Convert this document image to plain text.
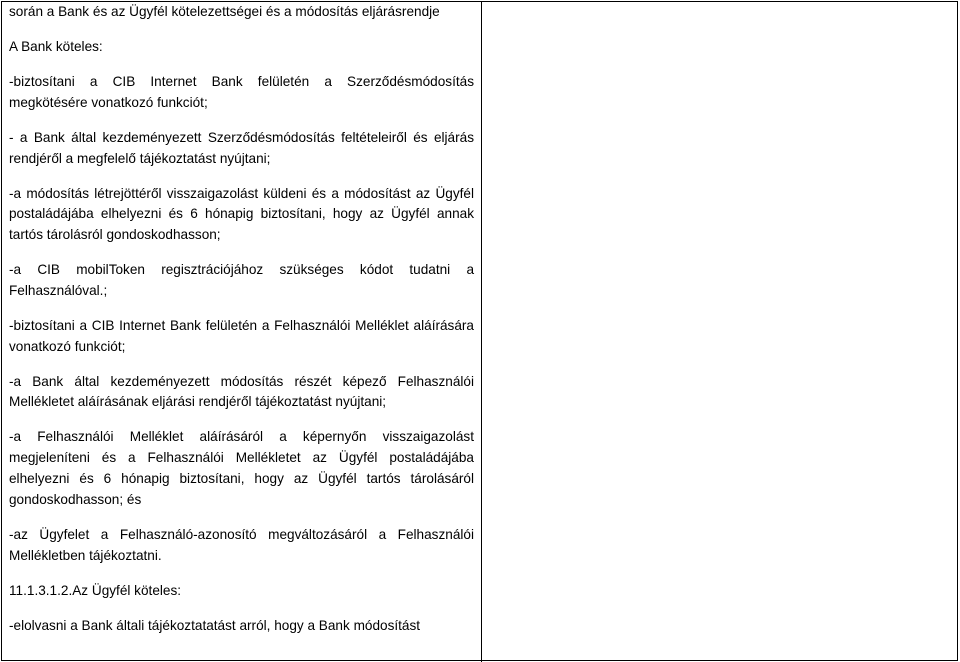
során a Bank és az Ügyfél kötelezettségei és a módosítás eljárásrendje

A Bank köteles:

-biztosítani a CIB Internet Bank felületén a Szerződésmódosítás megkötésére vonatkozó funkciót;

- a Bank által kezdeményezett Szerződésmódosítás feltételeiről és eljárás rendjéről a megfelelő tájékoztatást nyújtani;

-a módosítás létrejöttéről visszaigazolást küldeni és a módosítást az Ügyfél postaládájába elhelyezni és 6 hónapig biztosítani, hogy az Ügyfél annak tartós tárolásról gondoskodhasson;

-a CIB mobilToken regisztrációjához szükséges kódot tudatni a Felhasználóval.;

-biztosítani a CIB Internet Bank felületén a Felhasználói Melléklet aláírására vonatkozó funkciót;

-a Bank által kezdeményezett módosítás részét képező Felhasználói Mellékletet aláírásának eljárási rendjéről tájékoztatást nyújtani;

-a Felhasználói Melléklet aláírásáról a képernyőn visszaigazolást megjeleníteni és a Felhasználói Mellékletet az Ügyfél postaládájába elhelyezni és 6 hónapig biztosítani, hogy az Ügyfél tartós tárolásáról gondoskodhasson; és

-az Ügyfelet a Felhasználó-azonosító megváltozásáról a Felhasználói Mellékletben tájékoztatni.

11.1.3.1.2.Az Ügyfél köteles:

-elolvasni a Bank általi tájékoztatatást arról, hogy a Bank módosítást
